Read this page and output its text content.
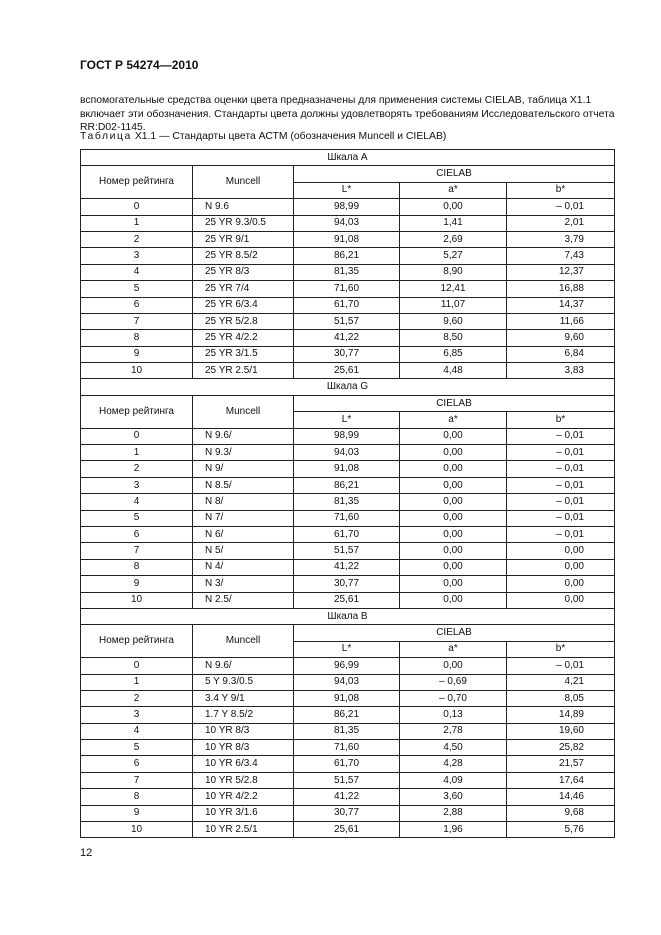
ГОСТ Р 54274—2010
вспомогательные средства оценки цвета предназначены для применения системы CIELAB, таблица Х1.1 включает эти обозначения. Стандарты цвета должны удовлетворять требованиям Исследовательского отчета RR:D02-1145.
Таблица Х1.1 — Стандарты цвета АСТМ (обозначения Muncell и CIELAB)
Шкала А				
Номер рейтинга	Muncell	CIELAB		
		L*	a*	b*
0	N 9.6	98,99	0,00	– 0,01
1	25 YR 9.3/0.5	94,03	1,41	2,01
2	25 YR 9/1	91,08	2,69	3,79
3	25 YR 8.5/2	86,21	5,27	7,43
4	25 YR 8/3	81,35	8,90	12,37
5	25 YR 7/4	71,60	12,41	16,88
6	25 YR 6/3.4	61,70	11,07	14,37
7	25 YR 5/2.8	51,57	9,60	11,66
8	25 YR 4/2.2	41,22	8,50	9,60
9	25 YR 3/1.5	30,77	6,85	6,84
10	25 YR 2.5/1	25,61	4,48	3,83
Шкала G				
Номер рейтинга	Muncell	CIELAB		
		L*	a*	b*
0	N 9.6/	98,99	0,00	– 0,01
1	N 9.3/	94,03	0,00	– 0,01
2	N 9/	91,08	0,00	– 0,01
3	N 8.5/	86,21	0,00	– 0,01
4	N 8/	81,35	0,00	– 0,01
5	N 7/	71,60	0,00	– 0,01
6	N 6/	61,70	0,00	– 0,01
7	N 5/	51,57	0,00	0,00
8	N 4/	41,22	0,00	0,00
9	N 3/	30,77	0,00	0,00
10	N 2.5/	25,61	0,00	0,00
Шкала В				
Номер рейтинга	Muncell	CIELAB		
		L*	a*	b*
0	N 9.6/	96,99	0,00	– 0,01
1	5 Y 9.3/0.5	94,03	– 0,69	4,21
2	3.4 Y 9/1	91,08	– 0,70	8,05
3	1.7 Y 8.5/2	86,21	0,13	14,89
4	10 YR 8/3	81,35	2,78	19,60
5	10 YR 8/3	71,60	4,50	25,82
6	10 YR 6/3.4	61,70	4,28	21,57
7	10 YR 5/2.8	51,57	4,09	17,64
8	10 YR 4/2.2	41,22	3,60	14,46
9	10 YR 3/1.6	30,77	2,88	9,68
10	10 YR 2.5/1	25,61	1,96	5,76
12
